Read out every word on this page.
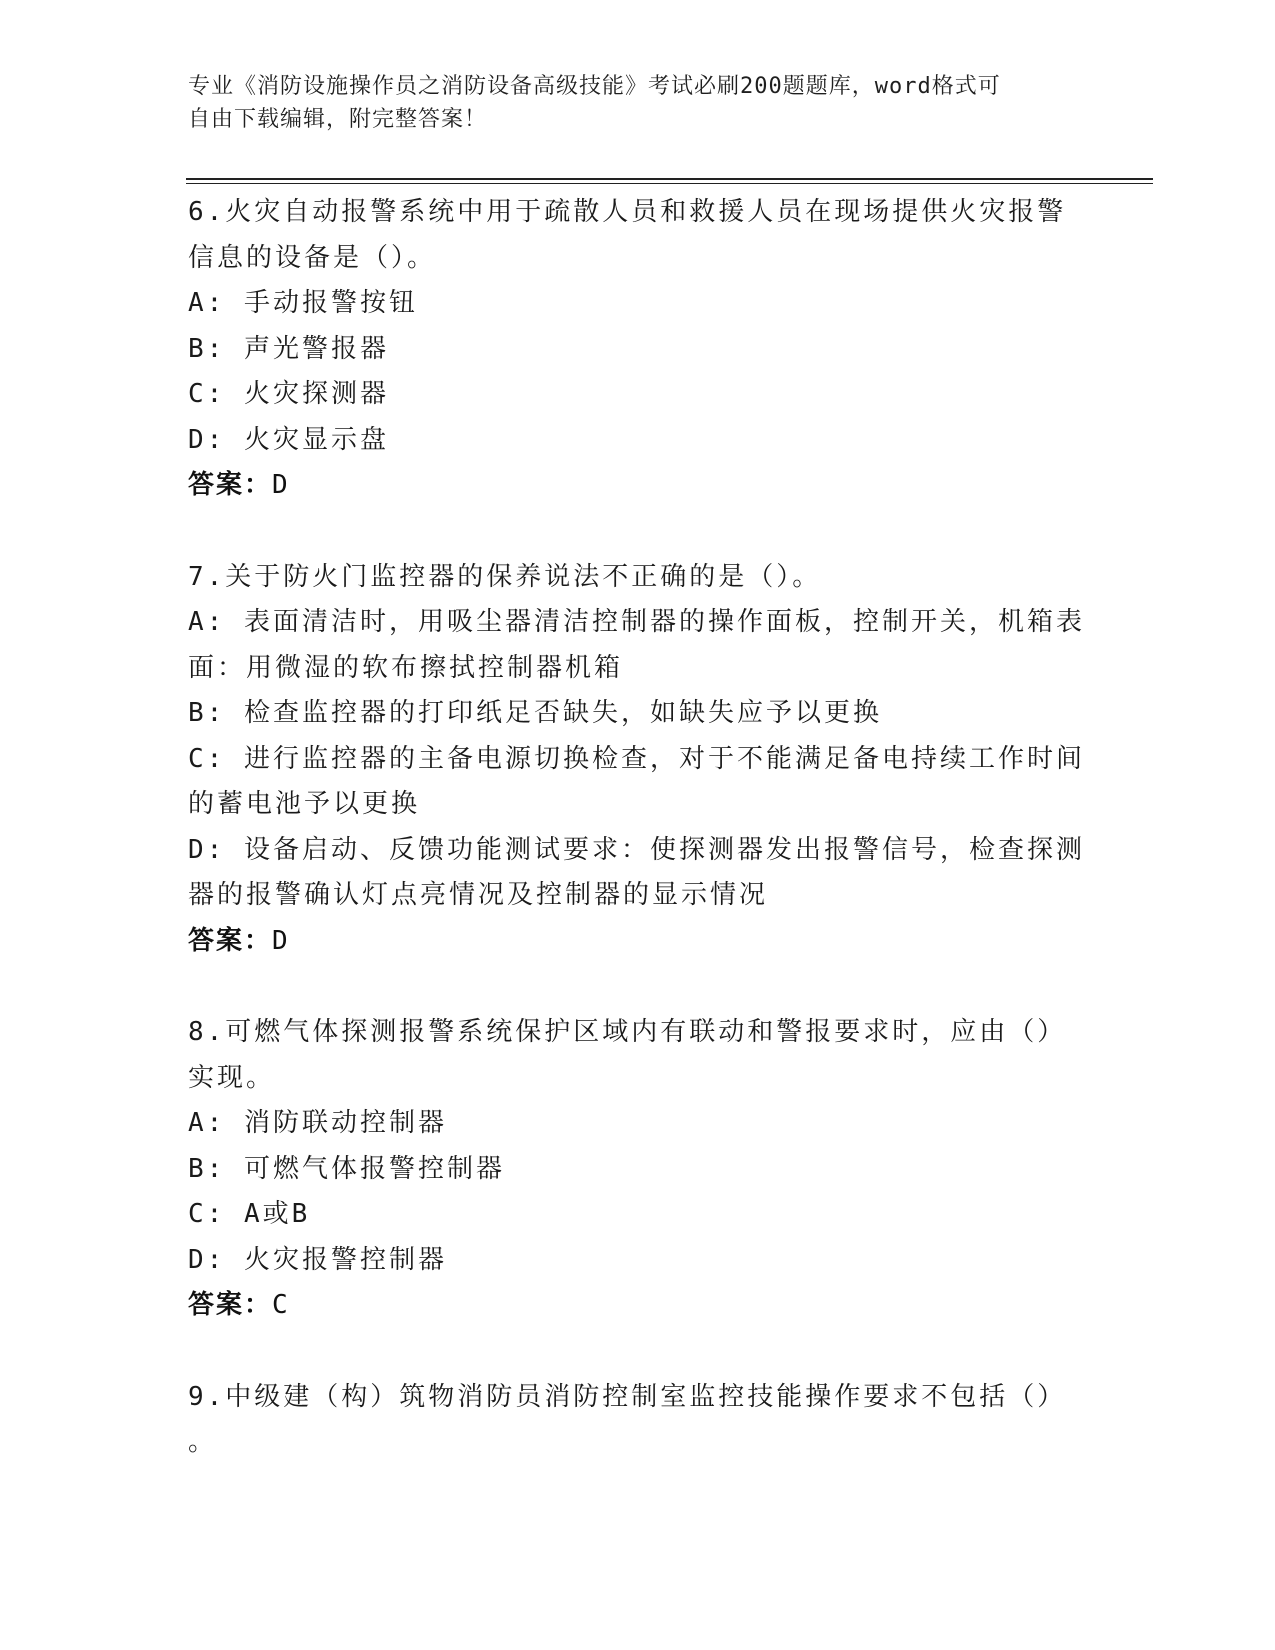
专业《消防设施操作员之消防设备高级技能》考试必刷200题题库，word格式可
自由下载编辑，附完整答案！
6.火灾自动报警系统中用于疏散人员和救援人员在现场提供火灾报警
信息的设备是（）。
A: 手动报警按钮
B: 声光警报器
C: 火灾探测器
D: 火灾显示盘
答案：D
7.关于防火门监控器的保养说法不正确的是（）。
A: 表面清洁时，用吸尘器清洁控制器的操作面板，控制开关，机箱表
面：用微湿的软布擦拭控制器机箱
B: 检查监控器的打印纸足否缺失，如缺失应予以更换
C: 进行监控器的主备电源切换检查，对于不能满足备电持续工作时间
的蓄电池予以更换
D: 设备启动、反馈功能测试要求：使探测器发出报警信号，检查探测
器的报警确认灯点亮情况及控制器的显示情况
答案：D
8.可燃气体探测报警系统保护区域内有联动和警报要求时，应由（）
实现。
A: 消防联动控制器
B: 可燃气体报警控制器
C: A或B
D: 火灾报警控制器
答案：C
9.中级建（构）筑物消防员消防控制室监控技能操作要求不包括（）
。
